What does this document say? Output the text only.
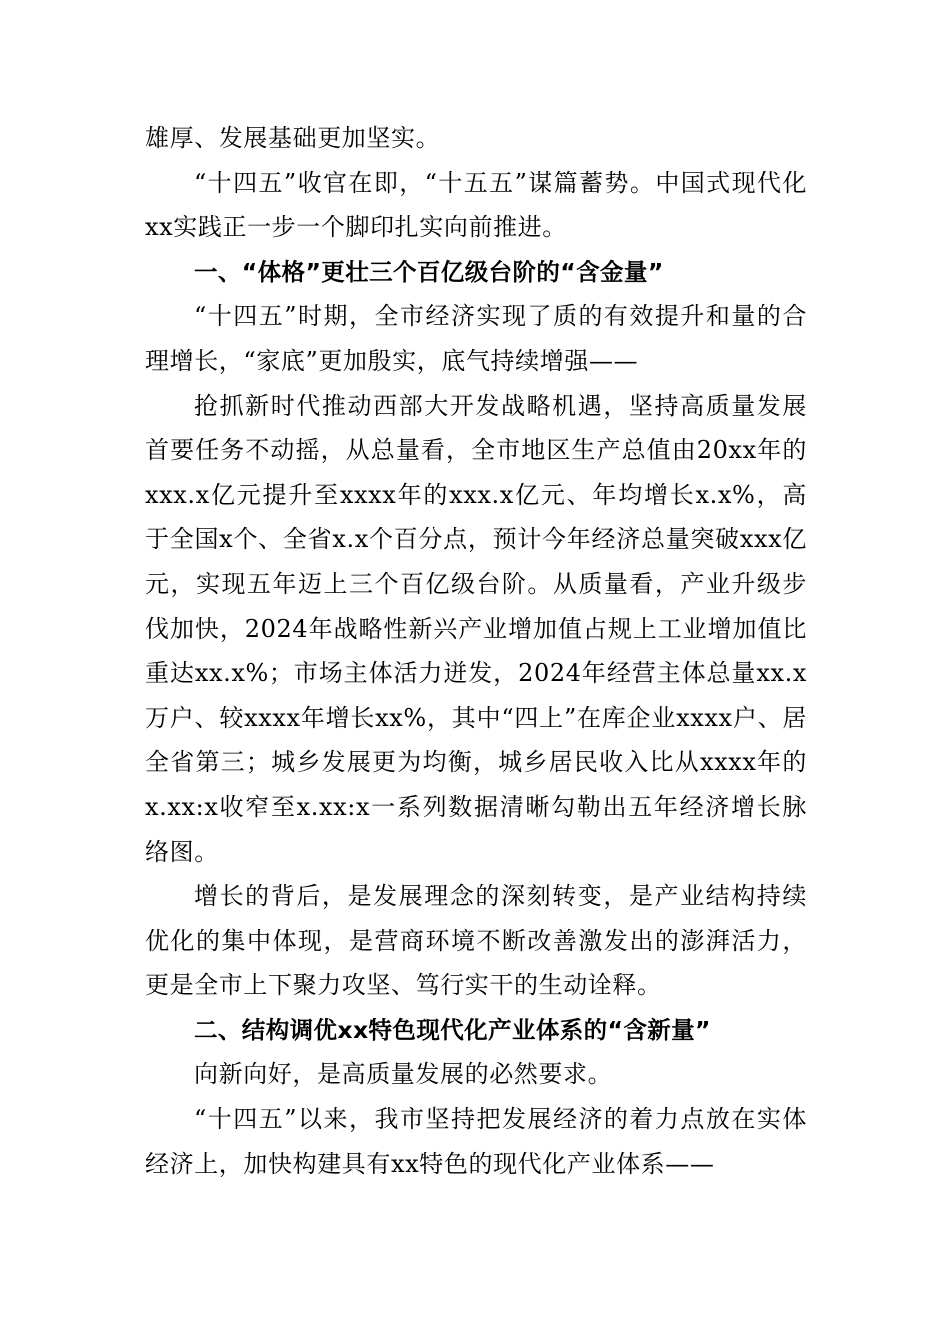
雄厚、发展基础更加坚实。

“十四五”收官在即，“十五五”谋篇蓄势。中国式现代化xx实践正一步一个脚印扎实向前推进。

一、“体格”更壮三个百亿级台阶的“含金量”

“十四五”时期，全市经济实现了质的有效提升和量的合理增长，“家底”更加殷实，底气持续增强——

抢抓新时代推动西部大开发战略机遇，坚持高质量发展首要任务不动摇，从总量看，全市地区生产总值由20xx年的xxx.x亿元提升至xxxx年的xxx.x亿元、年均增长x.x%，高于全国x个、全省x.x个百分点，预计今年经济总量突破xxx亿元，实现五年迈上三个百亿级台阶。从质量看，产业升级步伐加快，2024年战略性新兴产业增加值占规上工业增加值比重达xx.x%；市场主体活力迸发，2024年经营主体总量xx.x万户、较xxxx年增长xx%，其中“四上”在库企业xxxx户、居全省第三；城乡发展更为均衡，城乡居民收入比从xxxx年的x.xx:x收窄至x.xx:x一系列数据清晰勾勒出五年经济增长脉络图。

增长的背后，是发展理念的深刻转变，是产业结构持续优化的集中体现，是营商环境不断改善激发出的澎湃活力，更是全市上下聚力攻坚、笃行实干的生动诠释。

二、结构调优xx特色现代化产业体系的“含新量”

向新向好，是高质量发展的必然要求。

“十四五”以来，我市坚持把发展经济的着力点放在实体经济上，加快构建具有xx特色的现代化产业体系——
